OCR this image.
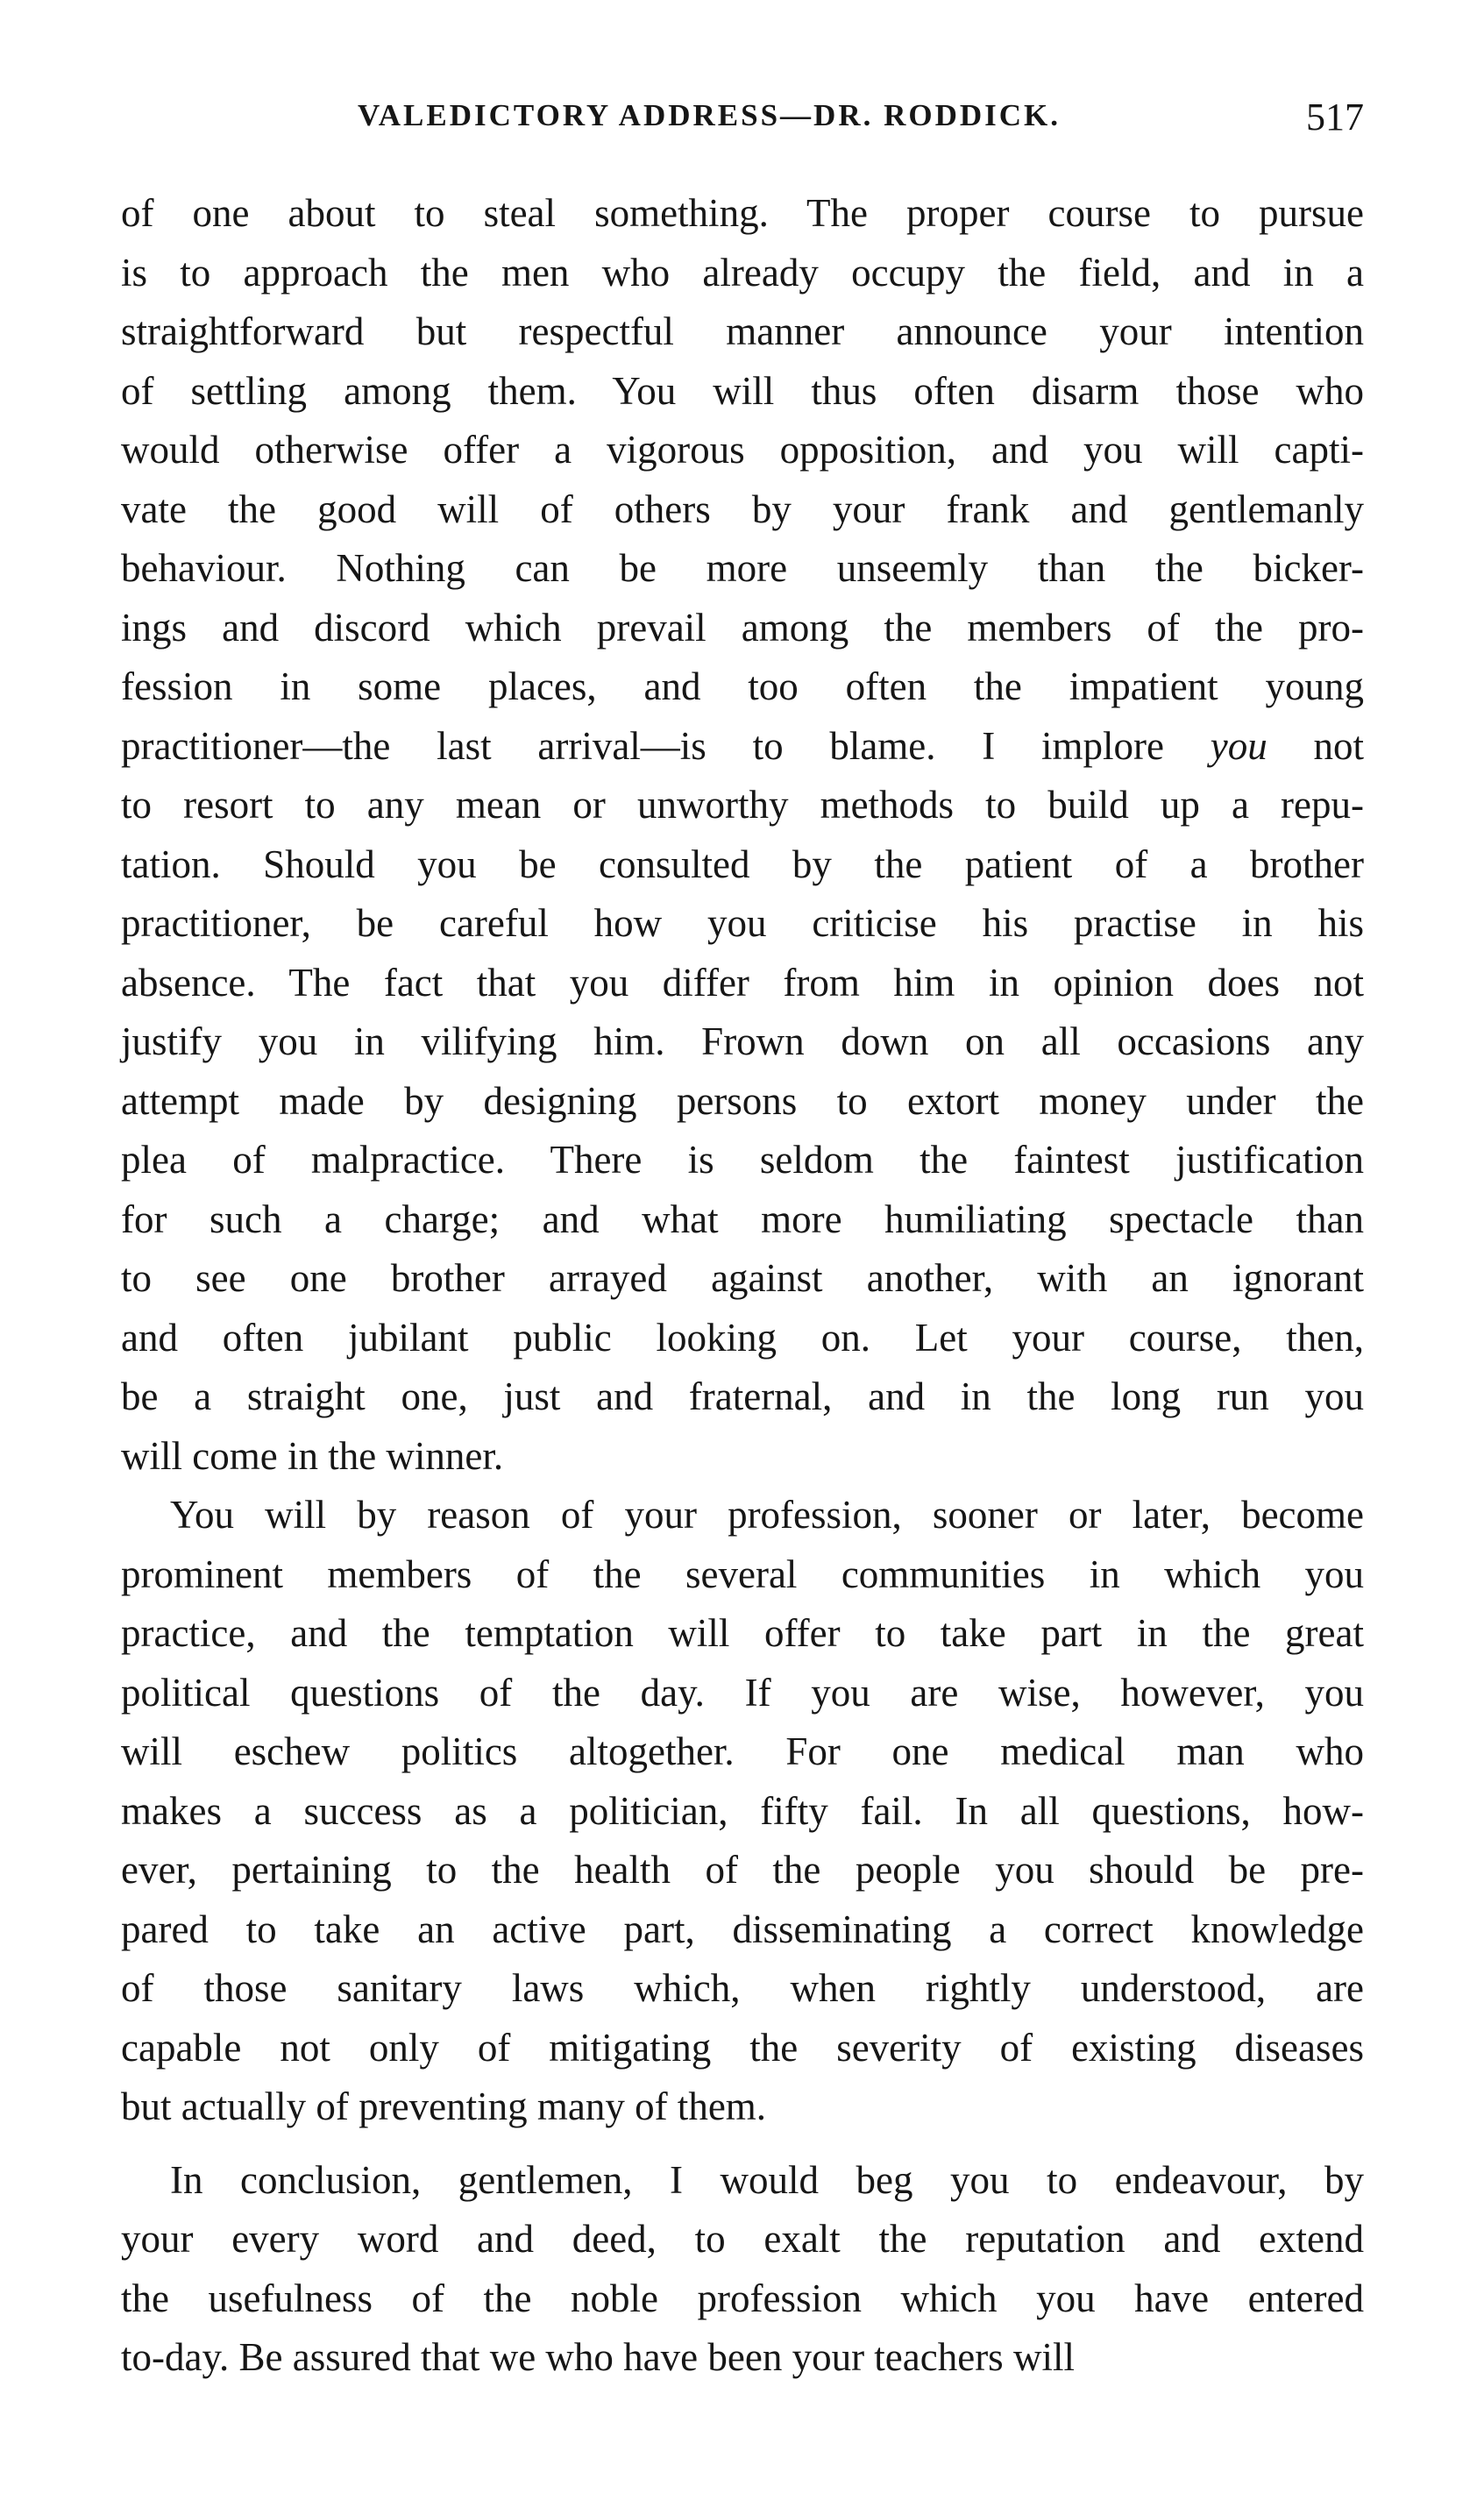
VALEDICTORY ADDRESS—DR. RODDICK.	517
of one about to steal something. The proper course to pursue
is to approach the men who already occupy the field, and in a
straightforward but respectful manner announce your intention
of settling among them. You will thus often disarm those who
would otherwise offer a vigorous opposition, and you will capti-
vate the good will of others by your frank and gentlemanly
behaviour. Nothing can be more unseemly than the bicker-
ings and discord which prevail among the members of the pro-
fession in some places, and too often the impatient young
practitioner—the last arrival—is to blame. I implore you not
to resort to any mean or unworthy methods to build up a repu-
tation. Should you be consulted by the patient of a brother
practitioner, be careful how you criticise his practise in his
absence. The fact that you differ from him in opinion does not
justify you in vilifying him. Frown down on all occasions any
attempt made by designing persons to extort money under the
plea of malpractice. There is seldom the faintest justification
for such a charge; and what more humiliating spectacle than
to see one brother arrayed against another, with an ignorant
and often jubilant public looking on. Let your course, then,
be a straight one, just and fraternal, and in the long run you
will come in the winner.
You will by reason of your profession, sooner or later, become
prominent members of the several communities in which you
practice, and the temptation will offer to take part in the great
political questions of the day. If you are wise, however, you
will eschew politics altogether. For one medical man who
makes a success as a politician, fifty fail. In all questions, how-
ever, pertaining to the health of the people you should be pre-
pared to take an active part, disseminating a correct knowledge
of those sanitary laws which, when rightly understood, are
capable not only of mitigating the severity of existing diseases
but actually of preventing many of them.
In conclusion, gentlemen, I would beg you to endeavour, by
your every word and deed, to exalt the reputation and extend
the usefulness of the noble profession which you have entered
to-day. Be assured that we who have been your teachers will
